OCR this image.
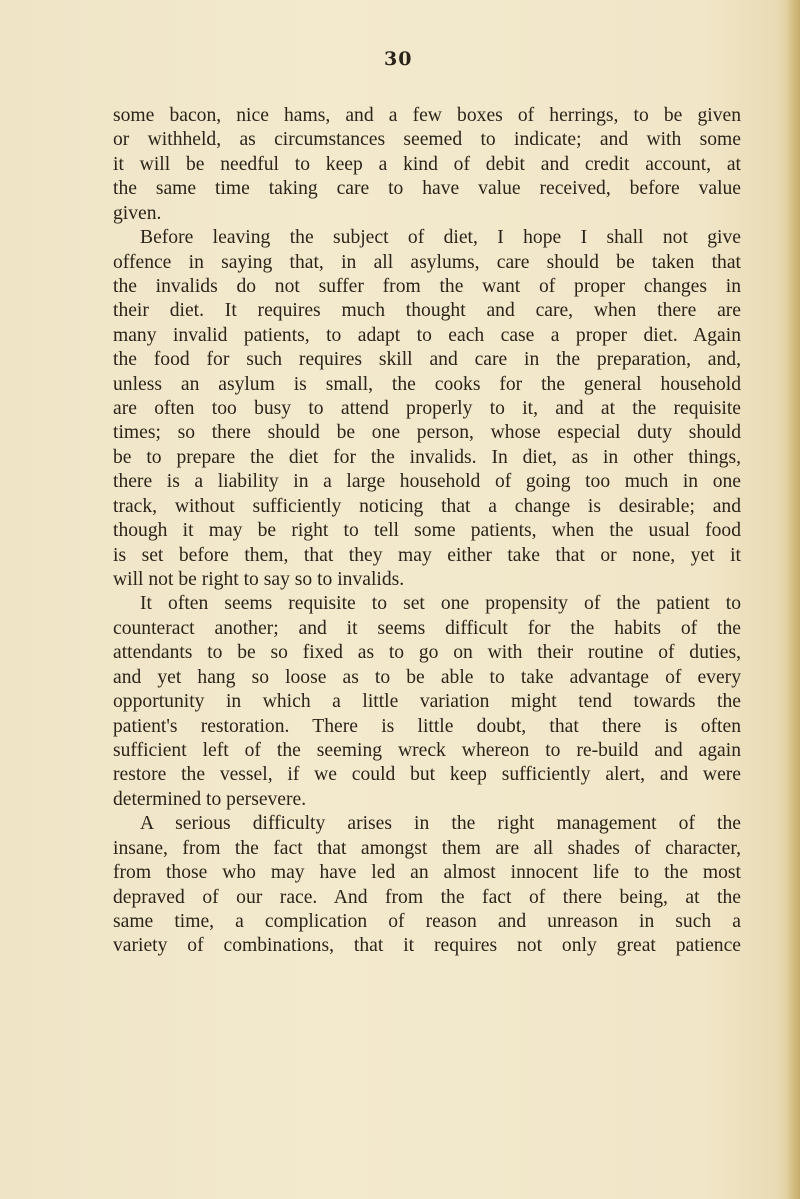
30

some bacon, nice hams, and a few boxes of herrings, to be given

or withheld, as circumstances seemed to indicate; and with some

it will be needful to keep a kind of debit and credit account, at

the same time taking care to have value received, before value

given.

Before leaving the subject of diet, I hope I shall not give

offence in saying that, in all asylums, care should be taken that

the invalids do not suffer from the want of proper changes in

their diet. It requires much thought and care, when there are

many invalid patients, to adapt to each case a proper diet. Again

the food for such requires skill and care in the preparation, and,

unless an asylum is small, the cooks for the general household

are often too busy to attend properly to it, and at the requisite

times; so there should be one person, whose especial duty should

be to prepare the diet for the invalids. In diet, as in other things,

there is a liability in a large household of going too much in one

track, without sufficiently noticing that a change is desirable; and

though it may be right to tell some patients, when the usual food

is set before them, that they may either take that or none, yet it

will not be right to say so to invalids.

It often seems requisite to set one propensity of the patient to

counteract another; and it seems difficult for the habits of the

attendants to be so fixed as to go on with their routine of duties,

and yet hang so loose as to be able to take advantage of every

opportunity in which a little variation might tend towards the

patient's restoration. There is little doubt, that there is often

sufficient left of the seeming wreck whereon to re-build and again

restore the vessel, if we could but keep sufficiently alert, and were

determined to persevere.

A serious difficulty arises in the right management of the

insane, from the fact that amongst them are all shades of character,

from those who may have led an almost innocent life to the most

depraved of our race. And from the fact of there being, at the

same time, a complication of reason and unreason in such a

variety of combinations, that it requires not only great patience
